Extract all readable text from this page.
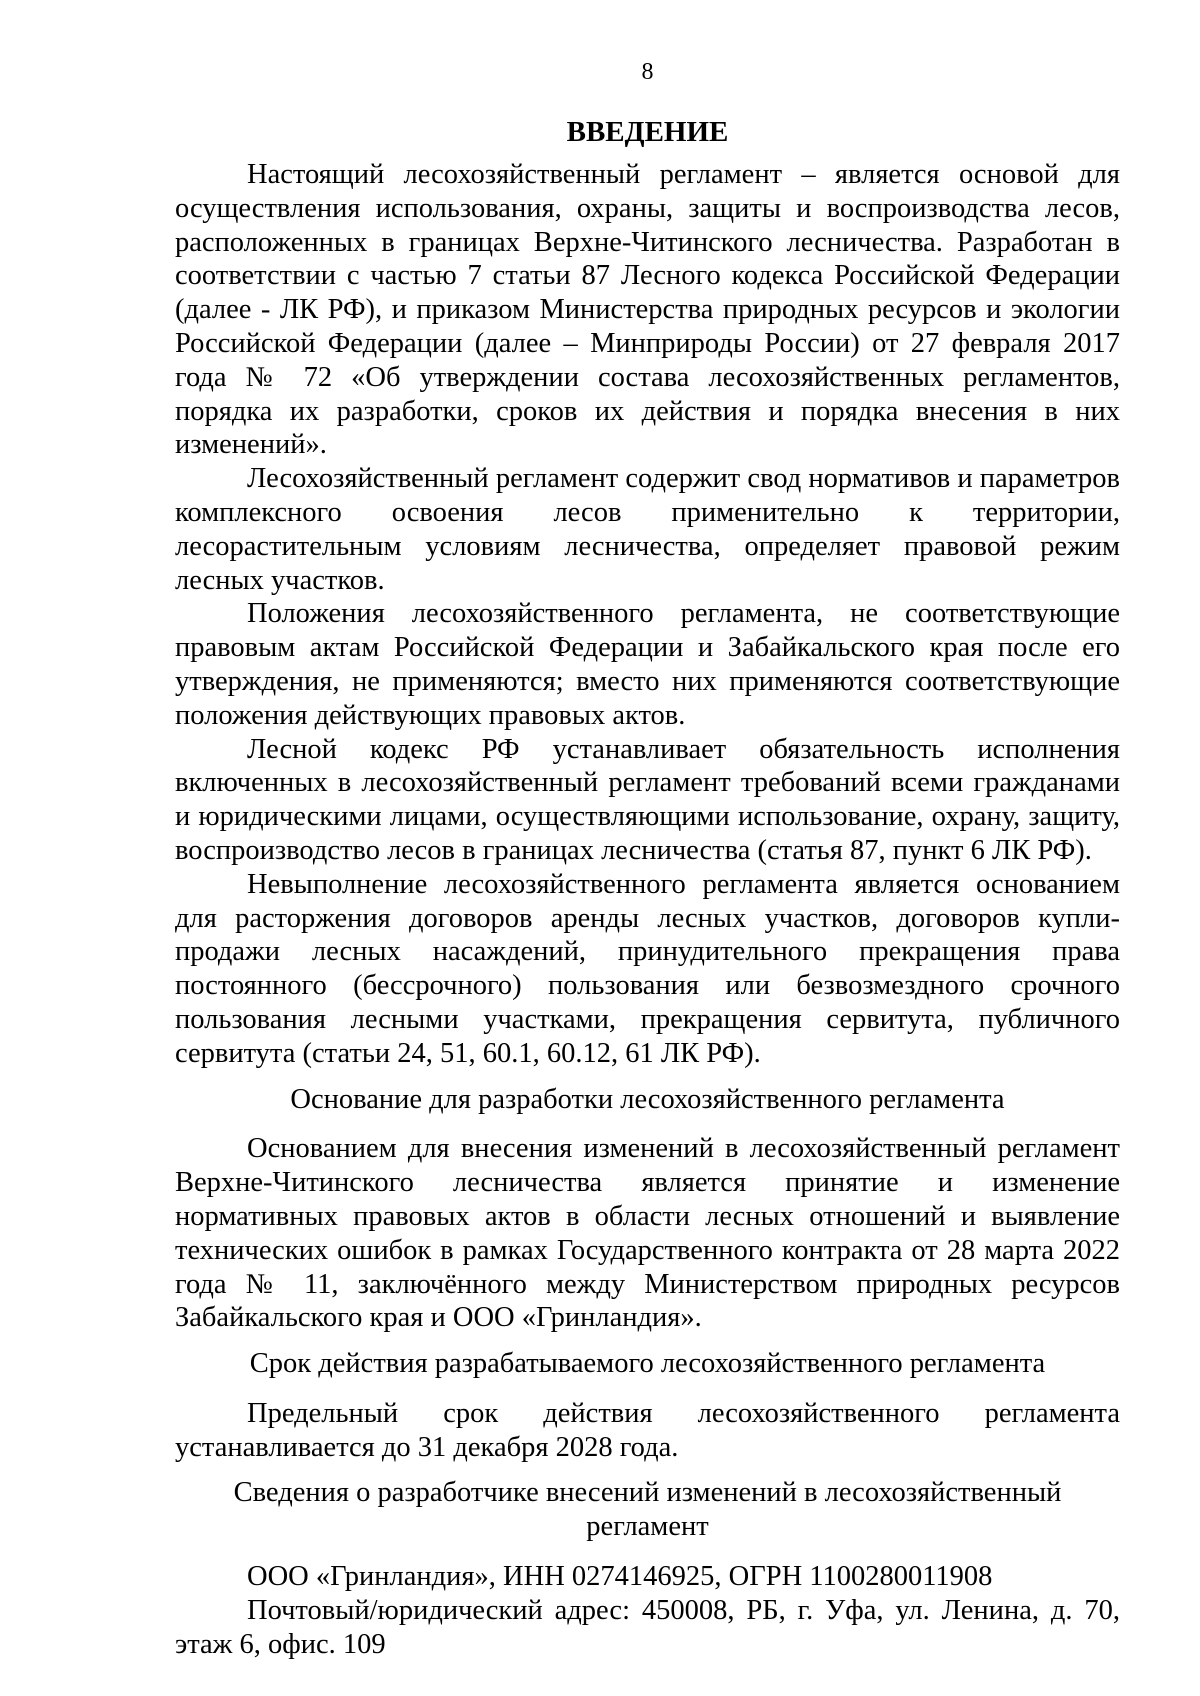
8
ВВЕДЕНИЕ

Настоящий лесохозяйственный регламент – является основой для осуществления использования, охраны, защиты и воспроизводства лесов, расположенных в границах Верхне-Читинского лесничества. Разработан в соответствии с частью 7 статьи 87 Лесного кодекса Российской Федерации (далее - ЛК РФ), и приказом Министерства природных ресурсов и экологии Российской Федерации (далее – Минприроды России) от 27 февраля 2017 года № 72 «Об утверждении состава лесохозяйственных регламентов, порядка их разработки, сроков их действия и порядка внесения в них изменений».

Лесохозяйственный регламент содержит свод нормативов и параметров комплексного освоения лесов применительно к территории, лесорастительным условиям лесничества, определяет правовой режим лесных участков.

Положения лесохозяйственного регламента, не соответствующие правовым актам Российской Федерации и Забайкальского края после его утверждения, не применяются; вместо них применяются соответствующие положения действующих правовых актов.

Лесной кодекс РФ устанавливает обязательность исполнения включенных в лесохозяйственный регламент требований всеми гражданами и юридическими лицами, осуществляющими использование, охрану, защиту, воспроизводство лесов в границах лесничества (статья 87, пункт 6 ЛК РФ).

Невыполнение лесохозяйственного регламента является основанием для расторжения договоров аренды лесных участков, договоров купли-продажи лесных насаждений, принудительного прекращения права постоянного (бессрочного) пользования или безвозмездного срочного пользования лесными участками, прекращения сервитута, публичного сервитута (статьи 24, 51, 60.1, 60.12, 61 ЛК РФ).

Основание для разработки лесохозяйственного регламента

Основанием для внесения изменений в лесохозяйственный регламент Верхне-Читинского лесничества является принятие и изменение нормативных правовых актов в области лесных отношений и выявление технических ошибок в рамках Государственного контракта от 28 марта 2022 года № 11, заключённого между Министерством природных ресурсов Забайкальского края и ООО «Гринландия».

Срок действия разрабатываемого лесохозяйственного регламента

Предельный срок действия лесохозяйственного регламента устанавливается до 31 декабря 2028 года.

Сведения о разработчике внесений изменений в лесохозяйственный
регламент

ООО «Гринландия», ИНН 0274146925, ОГРН 1100280011908

Почтовый/юридический адрес: 450008, РБ, г. Уфа, ул. Ленина, д. 70, этаж 6, офис. 109
